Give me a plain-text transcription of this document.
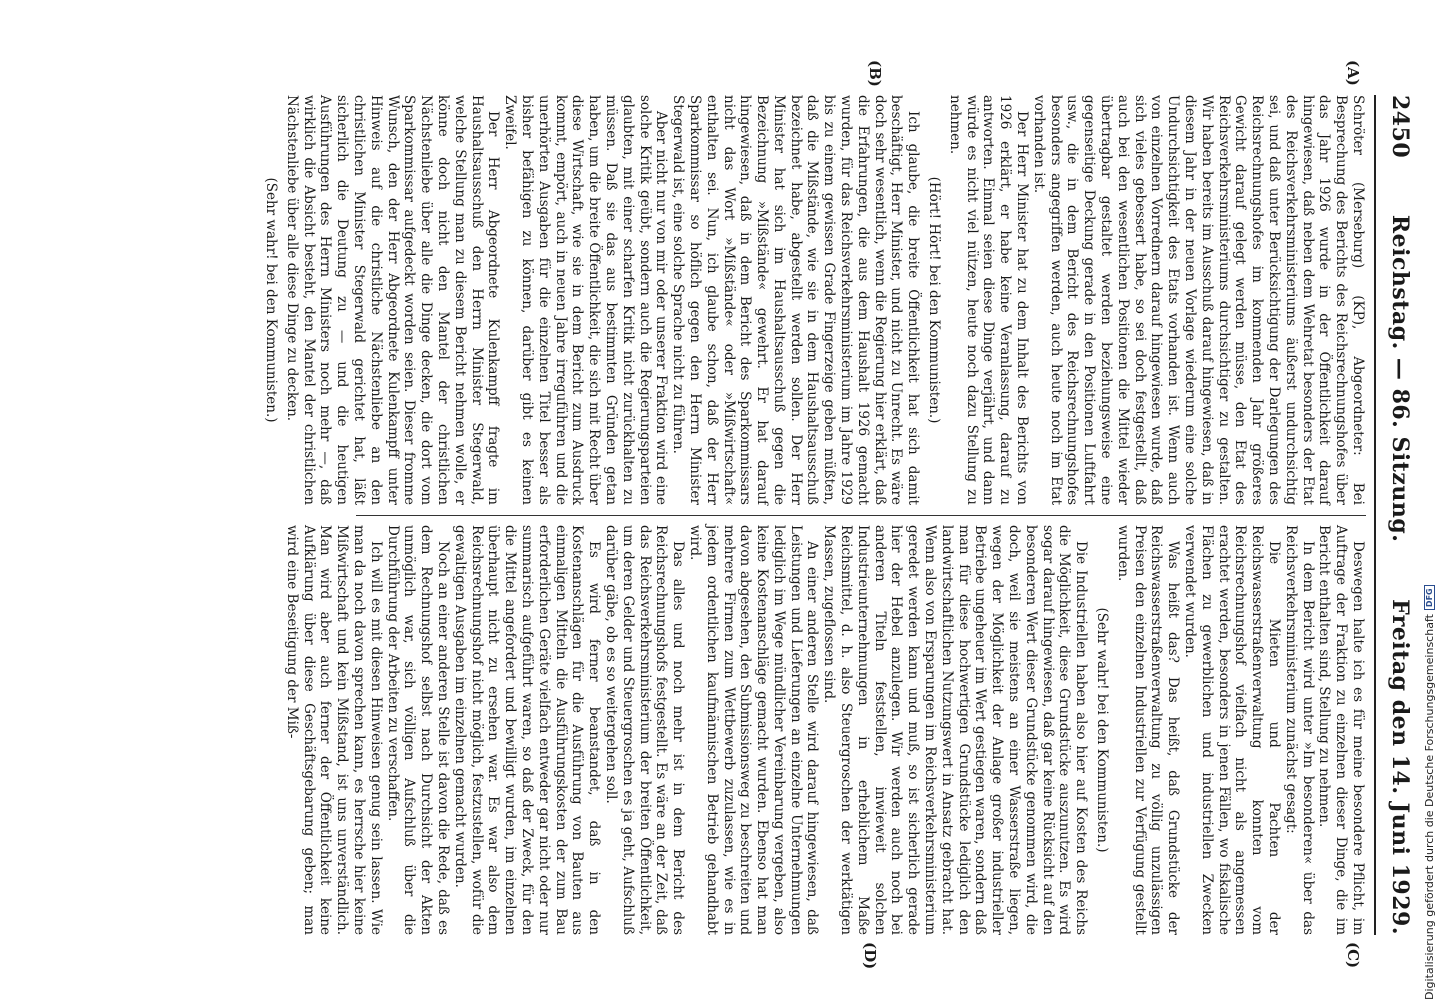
2450
Reichstag. — 86. Sitzung.
Freitag den 14. Juni 1929.
(A)
(B)
(C)
(D)

Schröter (Merseburg) (KP), Abgeordneter: Bei Besprechung des Berichts des Reichsrechnungshofes über das Jahr 1926 wurde in der Öffentlichkeit darauf hingewiesen, daß neben dem Wehretat besonders der Etat des Reichsverkehrsministeriums äußerst undurchsichtig sei, und daß unter Berücksichtigung der Darlegungen des Reichsrechnungshofes im kommenden Jahr größeres Gewicht darauf gelegt werden müsse, den Etat des Reichsverkehrsministeriums durchsichtiger zu gestalten. Wir haben bereits im Ausschuß darauf hingewiesen, daß in diesem Jahr in der neuen Vorlage wiederum eine solche Undurchsichtigkeit des Etats vorhanden ist. Wenn auch von einzelnen Vorrednern darauf hingewiesen wurde, daß sich vieles gebessert habe, so sei doch festgestellt, daß auch bei den wesentlichen Positionen die Mittel wieder übertragbar gestaltet werden beziehungsweise eine gegenseitige Deckung gerade in den Positionen Luftfahrt usw., die in dem Bericht des Reichsrechnungshofes besonders angegriffen werden, auch heute noch im Etat vorhanden ist.

Der Herr Minister hat zu dem Inhalt des Berichts von 1926 erklärt, er habe keine Veranlassung, darauf zu antworten. Einmal seien diese Dinge verjährt, und dann würde es nicht viel nützen, heute noch dazu Stellung zu nehmen.

(Hört! Hört! bei den Kommunisten.)

Ich glaube, die breite Öffentlichkeit hat sich damit beschäftigt, Herr Minister, und nicht zu Unrecht. Es wäre doch sehr wesentlich, wenn die Regierung hier erklärt, daß die Erfahrungen, die aus dem Haushalt 1926 gemacht wurden, für das Reichsverkehrsministerium im Jahre 1929 bis zu einem gewissen Grade Fingerzeige geben müßten, daß die Mißstände, wie sie in dem Haushaltsausschuß bezeichnet habe, abgestellt werden sollen. Der Herr Minister hat sich im Haushaltsausschuß gegen die Bezeichnung »Mißstände« gewehrt. Er hat darauf hingewiesen, daß in dem Bericht des Sparkommissars nicht das Wort »Mißstände« oder »Mißwirtschaft« enthalten sei. Nun, ich glaube schon, daß der Herr Sparkommissar so höflich gegen den Herrn Minister Stegerwald ist, eine solche Sprache nicht zu führen.

Aber nicht nur von mir oder unserer Fraktion wird eine solche Kritik geübt, sondern auch die Regierungsparteien glaubten, mit einer scharfen Kritik nicht zurückhalten zu müssen. Daß sie das aus bestimmten Gründen getan haben, um die breite Öffentlichkeit, die sich mit Recht über diese Wirtschaft, wie sie in dem Bericht zum Ausdruck kommt, empört, auch in neuen Jahre irreguführen und die unerhörten Ausgaben für die einzelnen Titel besser als bisher befähigen zu können, darüber gibt es keinen Zweifel.

Der Herr Abgeordnete Kulenkampff fragte im Haushaltsausschuß den Herrn Minister Stegerwald, welche Stellung man zu diesem Bericht nehmen wolle, er könne doch nicht den Mantel der christlichen Nächstenliebe über alle die Dinge decken, die dort vom Sparkommissar aufgedeckt worden seien. Dieser fromme Wunsch, den der Herr Abgeordnete Kulenkampff unter Hinweis auf die christliche Nächstenliebe an den christlichen Minister Stegerwald gerichtet hat, läßt sicherlich die Deutung zu — und die heutigen Ausführungen des Herrn Ministers noch mehr —, daß wirklich die Absicht besteht, den Mantel der christlichen Nächstenliebe über alle diese Dinge zu decken.

(Sehr wahr! bei den Kommunisten.)

Deswegen halte ich es für meine besondere Pflicht, im Auftrage der Fraktion zu einzelnen dieser Dinge, die im Bericht enthalten sind, Stellung zu nehmen.

In dem Bericht wird unter »Im besonderen« über das Reichsverkehrsministerium zunächst gesagt:

Die Mieten und Pachten der Reichswasserstraßenverwaltung konnten vom Reichsrechnungshof vielfach nicht als angemessen erachtet werden, besonders in jenen Fällen, wo fiskalische Flächen zu gewerblichen und industriellen Zwecken verwendet wurden.

Was heißt das? Das heißt, daß Grundstücke der Reichswasserstraßenverwaltung zu völlig unzulässigen Preisen den einzelnen Industriellen zur Verfügung gestellt wurden.

(Sehr wahr! bei den Kommunisten.)

Die Industriellen haben also hier auf Kosten des Reichs die Möglichkeit, diese Grundstücke auszunutzen. Es wird sogar darauf hingewiesen, daß gar keine Rücksicht auf den besonderen Wert dieser Grundstücke genommen wird, die doch, weil sie meistens an einer Wasserstraße liegen, wegen der Möglichkeit der Anlage großer industrieller Betriebe ungeheuer im Wert gestiegen waren, sondern daß man für diese hochwertigen Grundstücke lediglich den landwirtschaftlichen Nutzungswert in Ansatz gebracht hat. Wenn also von Ersparungen im Reichsverkehrsministerium geredet werden kann und muß, so ist sicherlich gerade hier der Hebel anzulegen. Wir werden auch noch bei anderen Titeln feststellen, inwieweit solchen Industrieunternehmungen in erheblichem Maße Reichsmittel, d. h. also Steuergroschen der werktätigen Massen, zugeflossen sind.

An einer anderen Stelle wird darauf hingewiesen, daß Leistungen und Lieferungen an einzelne Unternehmungen lediglich im Wege mündlicher Vereinbarung vergeben, also keine Kostenanschläge gemacht wurden. Ebenso hat man davon abgesehen, den Submissionsweg zu beschreiten und mehrere Firmen zum Wettbewerb zuzulassen, wie es in jedem ordentlichen kaufmännischen Betrieb gehandhabt wird.

Das alles und noch mehr ist in dem Bericht des Reichsrechnungshofs festgestellt. Es wäre an der Zeit, daß das Reichsverkehrsministerium der breiten Öffentlichkeit, um deren Gelder und Steuergroschen es ja geht, Aufschluß darüber gäbe, ob es so weitergehen soll.

Es wird ferner beanstandet, daß in den Kostenanschlägen für die Ausführung von Bauten aus einmaligen Mitteln die Ausführungskosten der zum Bau erforderlichen Geräte vielfach entweder gar nicht oder nur summarisch aufgeführt waren, so daß der Zweck, für den die Mittel angefordert und bewilligt wurden, im einzelnen überhaupt nicht zu ersehen war. Es war also dem Reichsrechnungshof nicht möglich, festzustellen, wofür die gewaltigen Ausgaben im einzelnen gemacht wurden.

Noch an einer anderen Stelle ist davon die Rede, daß es dem Rechnungshof selbst nach Durchsicht der Akten unmöglich war, sich völligen Aufschluß über die Durchführung der Arbeiten zu verschaffen.

Ich will es mit diesen Hinweisen genug sein lassen. Wie man da noch davon sprechen kann, es herrsche hier keine Mißwirtschaft und kein Mißstand, ist uns unverständlich. Man wird aber auch ferner der Öffentlichkeit keine Aufklärung über diese Geschäftsgebarung geben; man wird eine Beseitigung der Miß-	Digitalisierung gefördert durch die Deutsche Forschungsgemeinschaft
DFG
